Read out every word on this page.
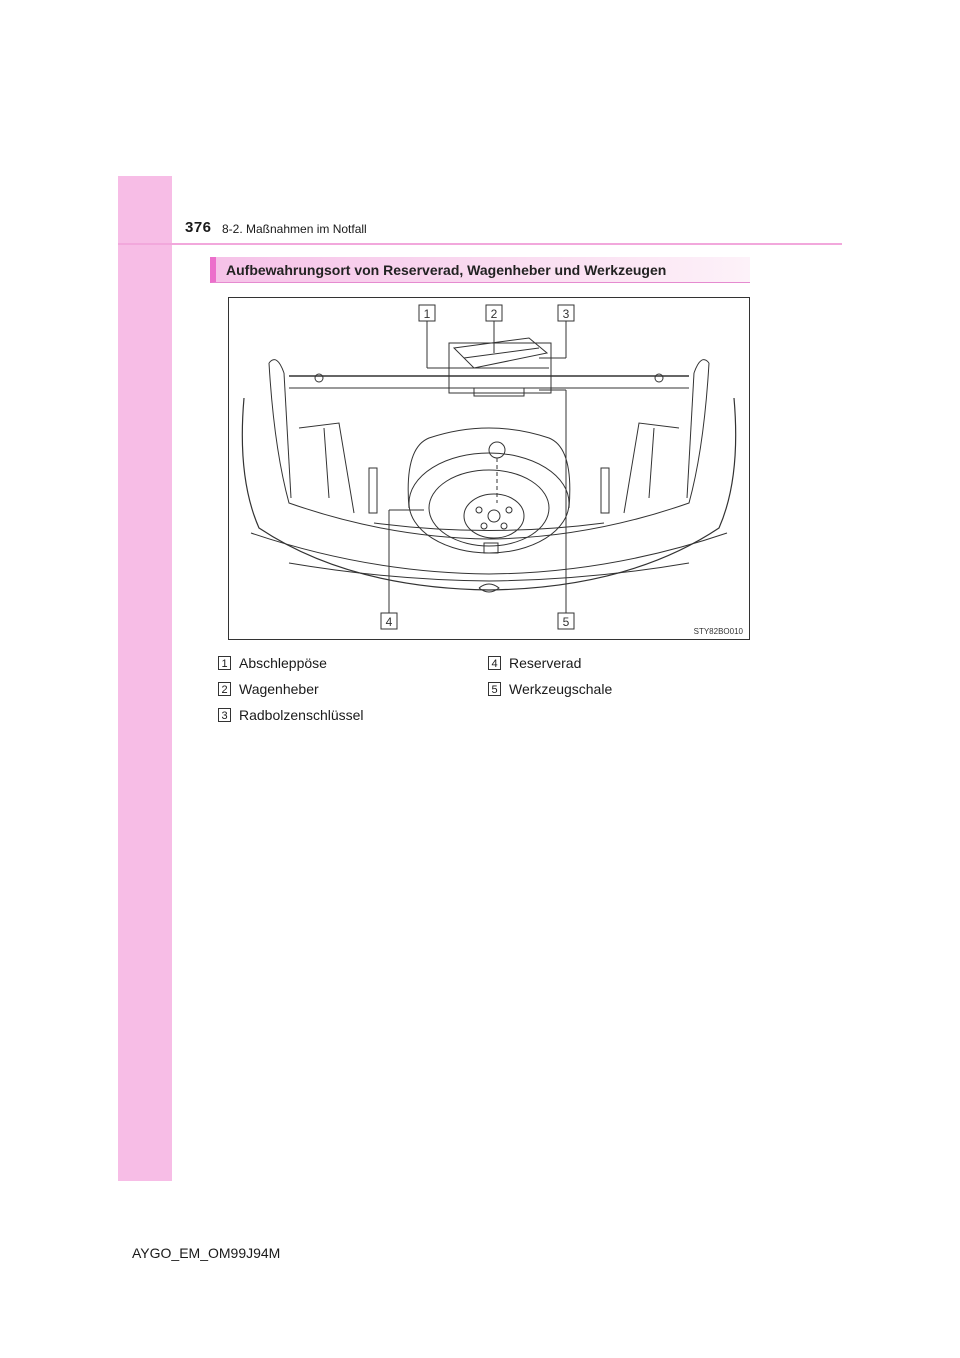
376 8-2. Maßnahmen im Notfall
Aufbewahrungsort von Reserverad, Wagenheber und Werkzeugen
1	2	3
4	5
STY82BO010
1 Abschleppöse
2 Wagenheber
3 Radbolzenschlüssel
4 Reserverad
5 Werkzeugschale
AYGO_EM_OM99J94M
